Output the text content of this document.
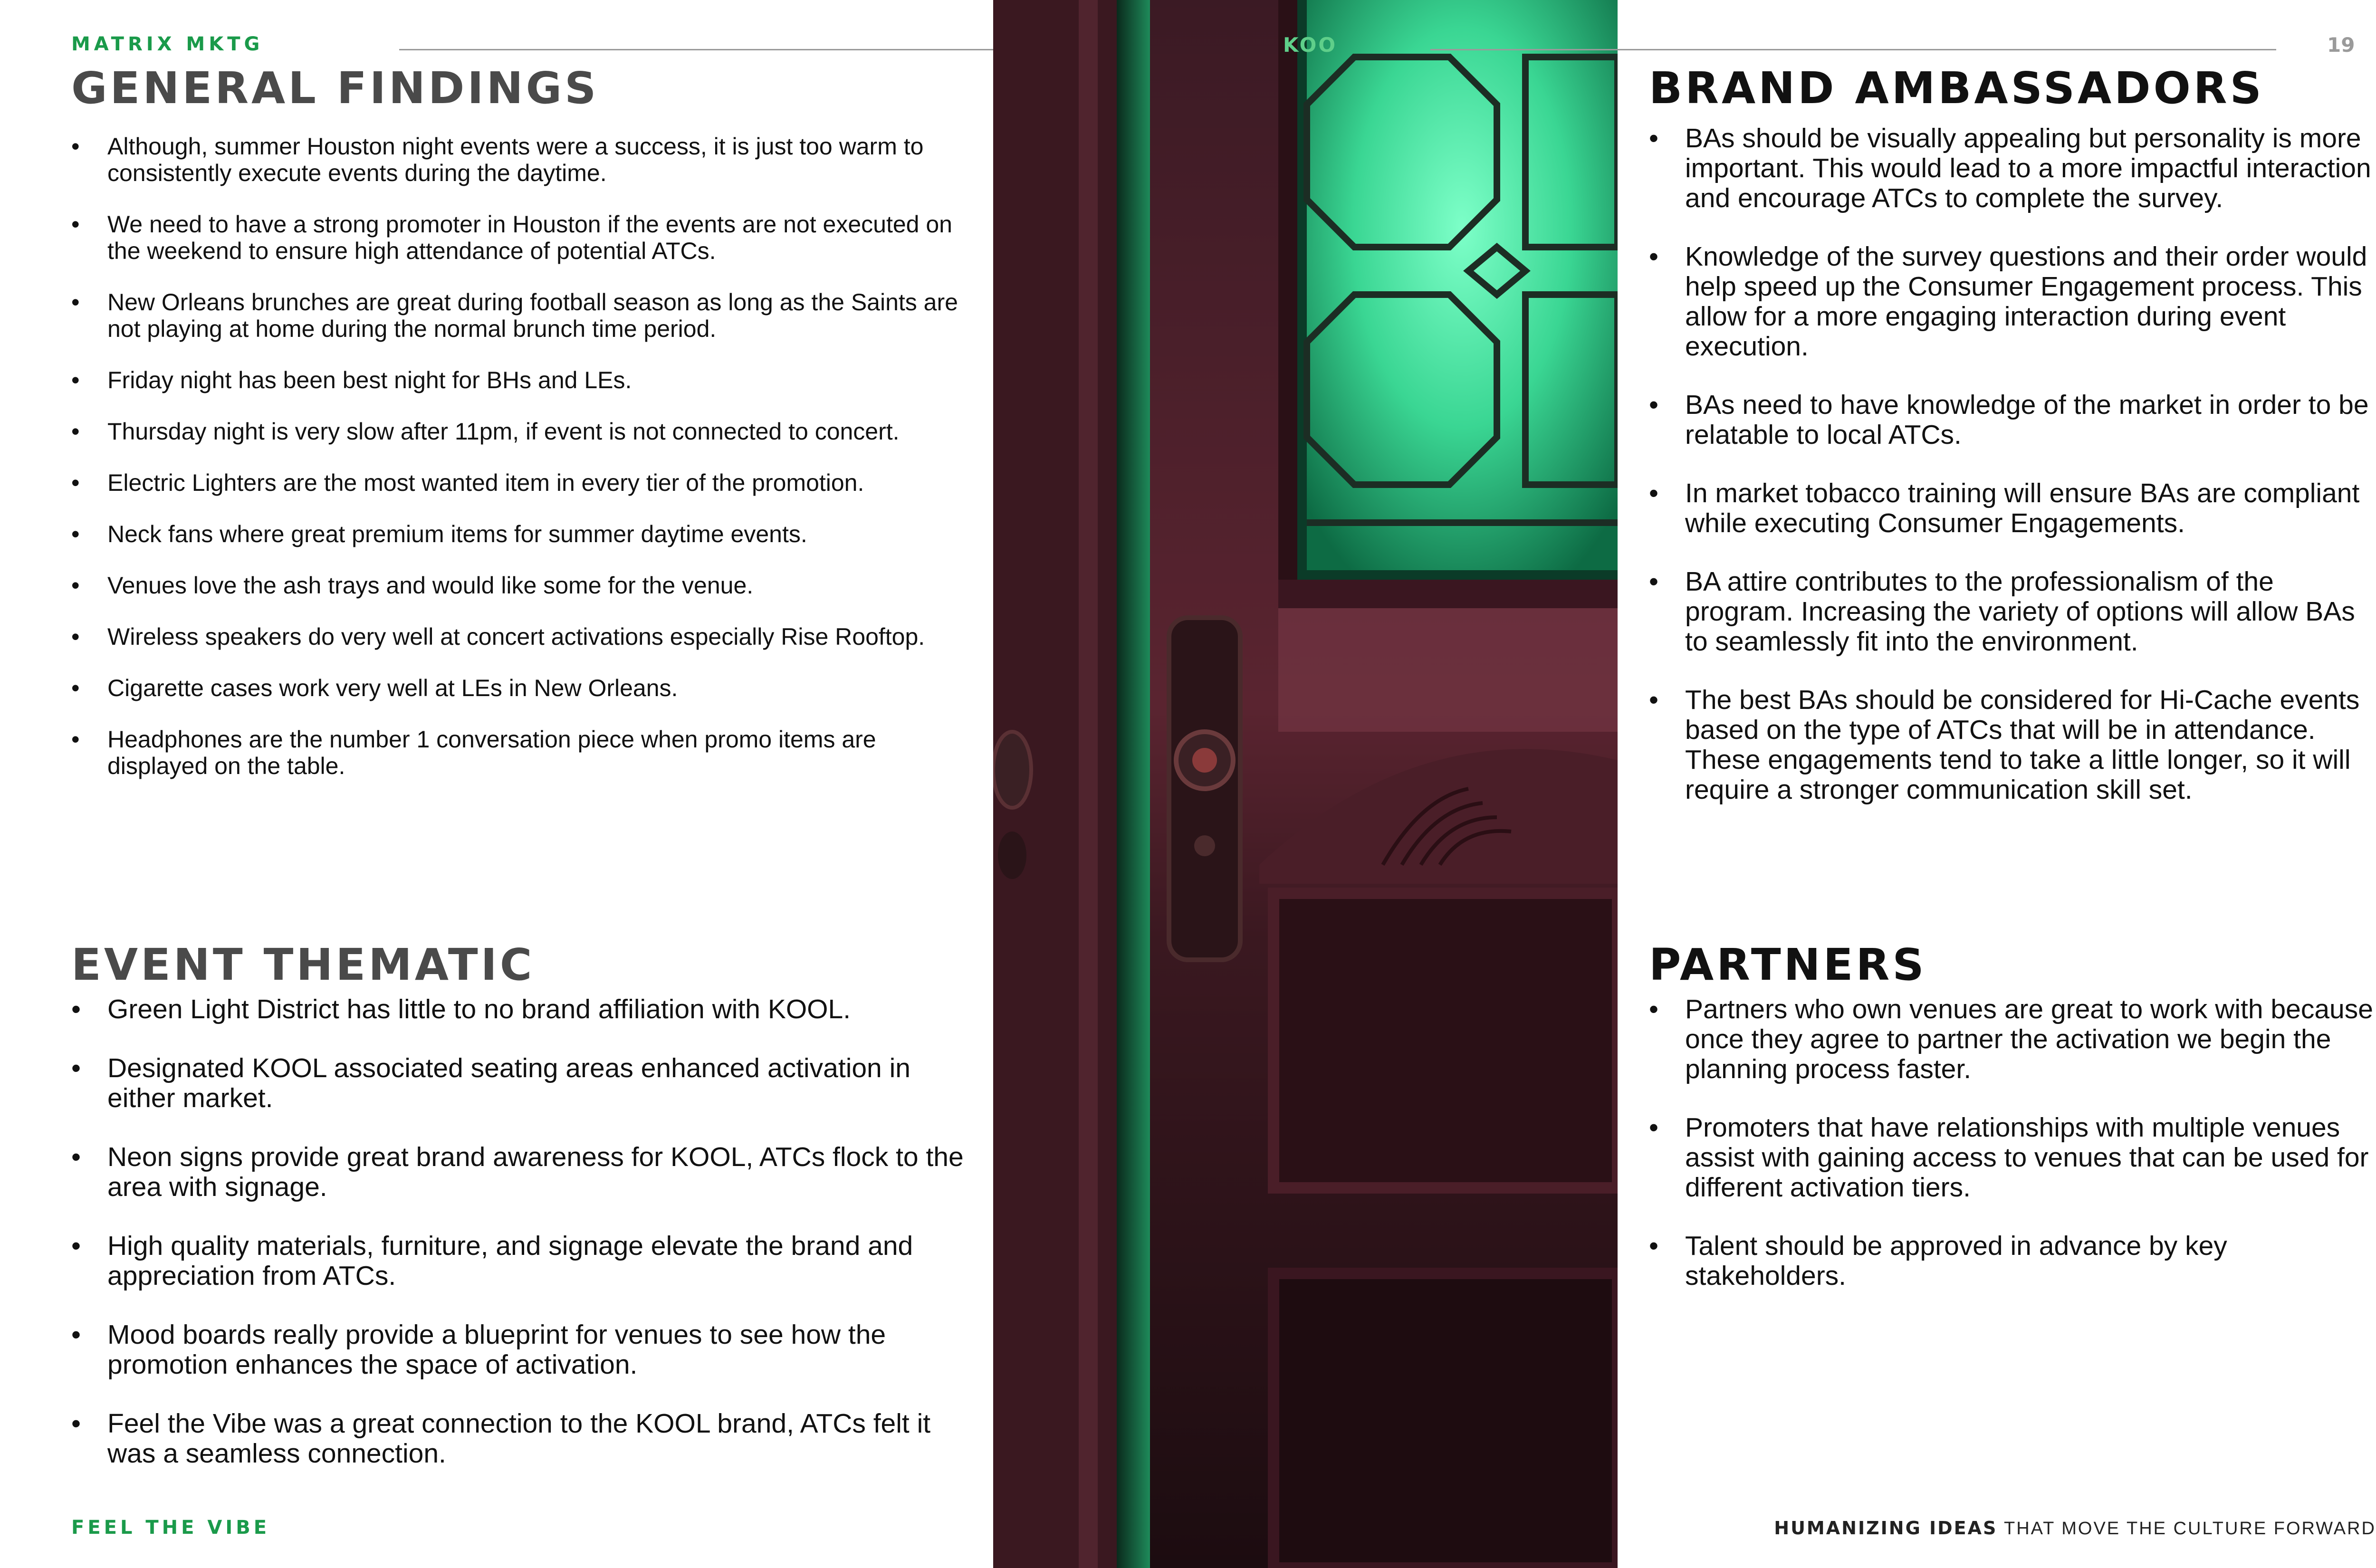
MATRIX MKTG	KOO	19
GENERAL FINDINGS
• Although, summer Houston night events were a success, it is just too warm to consistently execute events during the daytime.
• We need to have a strong promoter in Houston if the events are not executed on the weekend to ensure high attendance of potential ATCs.
• New Orleans brunches are great during football season as long as the Saints are not playing at home during the normal brunch time period.
• Friday night has been best night for BHs and LEs.
• Thursday night is very slow after 11pm, if event is not connected to concert.
• Electric Lighters are the most wanted item in every tier of the promotion.
• Neck fans where great premium items for summer daytime events.
• Venues love the ash trays and would like some for the venue.
• Wireless speakers do very well at concert activations especially Rise Rooftop.
• Cigarette cases work very well at LEs in New Orleans.
• Headphones are the number 1 conversation piece when promo items are displayed on the table.
EVENT THEMATIC
• Green Light District has little to no brand affiliation with KOOL.
• Designated KOOL associated seating areas enhanced activation in either market.
• Neon signs provide great brand awareness for KOOL, ATCs flock to the area with signage.
• High quality materials, furniture, and signage elevate the brand and appreciation from ATCs.
• Mood boards really provide a blueprint for venues to see how the promotion enhances the space of activation.
• Feel the Vibe was a great connection to the KOOL brand, ATCs felt it was a seamless connection.
BRAND AMBASSADORS
• BAs should be visually appealing but personality is more important. This would lead to a more impactful interaction and encourage ATCs to complete the survey.
• Knowledge of the survey questions and their order would help speed up the Consumer Engagement process. This allow for a more engaging interaction during event execution.
• BAs need to have knowledge of the market in order to be relatable to local ATCs.
• In market tobacco training will ensure BAs are compliant while executing Consumer Engagements.
• BA attire contributes to the professionalism of the program. Increasing the variety of options will allow BAs to seamlessly fit into the environment.
• The best BAs should be considered for Hi-Cache events based on the type of ATCs that will be in attendance. These engagements tend to take a little longer, so it will require a stronger communication skill set.
PARTNERS
• Partners who own venues are great to work with because once they agree to partner the activation we begin the planning process faster.
• Promoters that have relationships with multiple venues assist with gaining access to venues that can be used for different activation tiers.
• Talent should be approved in advance by key stakeholders.
FEEL THE VIBE	HUMANIZING IDEAS THAT MOVE THE CULTURE FORWARD
